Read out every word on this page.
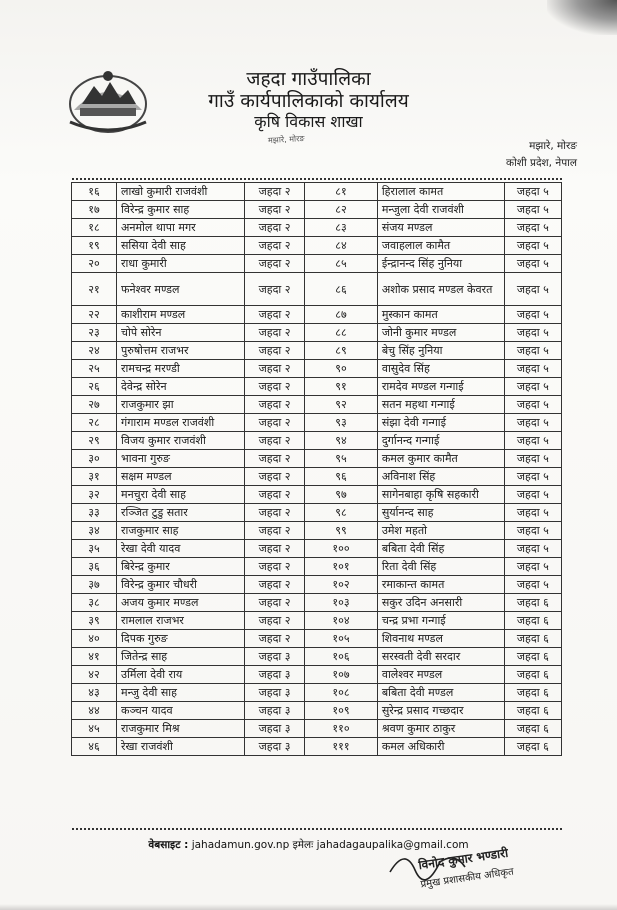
जहदा गाउँपालिका
गाउँ कार्यपालिकाको कार्यालय
कृषि विकास शाखा
मझारे, मोरङ
मझारे, मोरङ
कोशी प्रदेश, नेपाल
१६	लाखो कुमारी राजवंशी	जहदा २	८१	हिरालाल कामत	जहदा ५
१७	विरेन्द्र कुमार साह	जहदा २	८२	मन्जुला देवी राजवंशी	जहदा ५
१८	अनमोल थापा मगर	जहदा २	८३	संजय मण्डल	जहदा ५
१९	ससिया देवी साह	जहदा २	८४	जवाहलाल कामैत	जहदा ५
२०	राधा कुमारी	जहदा २	८५	ईन्द्रानन्द सिंह नुनिया	जहदा ५
२१	फनेश्वर मण्डल	जहदा २	८६	अशोक प्रसाद मण्डल केवरत	जहदा ५
२२	काशीराम मण्डल	जहदा २	८७	मुस्कान कामत	जहदा ५
२३	चोपे सोरेन	जहदा २	८८	जोनी कुमार मण्डल	जहदा ५
२४	पुरुषोत्तम राजभर	जहदा २	८९	बेचु सिंह नुनिया	जहदा ५
२५	रामचन्द्र मरण्डी	जहदा २	९०	वासुदेव सिंह	जहदा ५
२६	देवेन्द्र सोरेन	जहदा २	९१	रामदेव मण्डल गन्गाई	जहदा ५
२७	राजकुमार झा	जहदा २	९२	सतन महथा गन्गाई	जहदा ५
२८	गंगाराम मण्डल राजवंशी	जहदा २	९३	संझा देवी गन्गाई	जहदा ५
२९	विजय कुमार राजवंशी	जहदा २	९४	दुर्गानन्द गन्गाई	जहदा ५
३०	भावना गुरुङ	जहदा २	९५	कमल कुमार कामैत	जहदा ५
३१	सक्षम मण्डल	जहदा २	९६	अविनाश सिंह	जहदा ५
३२	मनचुरा देवी साह	जहदा २	९७	सागेनबाहा कृषि सहकारी	जहदा ५
३३	रञ्जित टुडु सतार	जहदा २	९८	सुर्यानन्द साह	जहदा ५
३४	राजकुमार साह	जहदा २	९९	उमेश महतो	जहदा ५
३५	रेखा देवी यादव	जहदा २	१००	बबिता देवी सिंह	जहदा ५
३६	बिरेन्द्र कुमार	जहदा २	१०१	रिता देवी सिंह	जहदा ५
३७	विरेन्द्र कुमार चौधरी	जहदा २	१०२	रमाकान्त कामत	जहदा ५
३८	अजय कुमार मण्डल	जहदा २	१०३	सकुर उदिन अनसारी	जहदा ६
३९	रामलाल राजभर	जहदा २	१०४	चन्द्र प्रभा गन्गाई	जहदा ६
४०	दिपक गुरुङ	जहदा २	१०५	शिवनाथ मण्डल	जहदा ६
४१	जितेन्द्र साह	जहदा ३	१०६	सरस्वती देवी सरदार	जहदा ६
४२	उर्मिला देवी राय	जहदा ३	१०७	वालेश्वर मण्डल	जहदा ६
४३	मन्जु देवी साह	जहदा ३	१०८	बबिता देवी मण्डल	जहदा ६
४४	कञ्चन यादव	जहदा ३	१०९	सुरेन्द्र प्रसाद गच्छदार	जहदा ६
४५	राजकुमार मिश्र	जहदा ३	११०	श्रवण कुमार ठाकुर	जहदा ६
४६	रेखा राजवंशी	जहदा ३	१११	कमल अधिकारी	जहदा ६
वेबसाइट : jahadamun.gov.np इमेलः jahadagaupalika@gmail.com
विनोद कुमार भण्डारी
प्रमुख प्रशासकीय अधिकृत
